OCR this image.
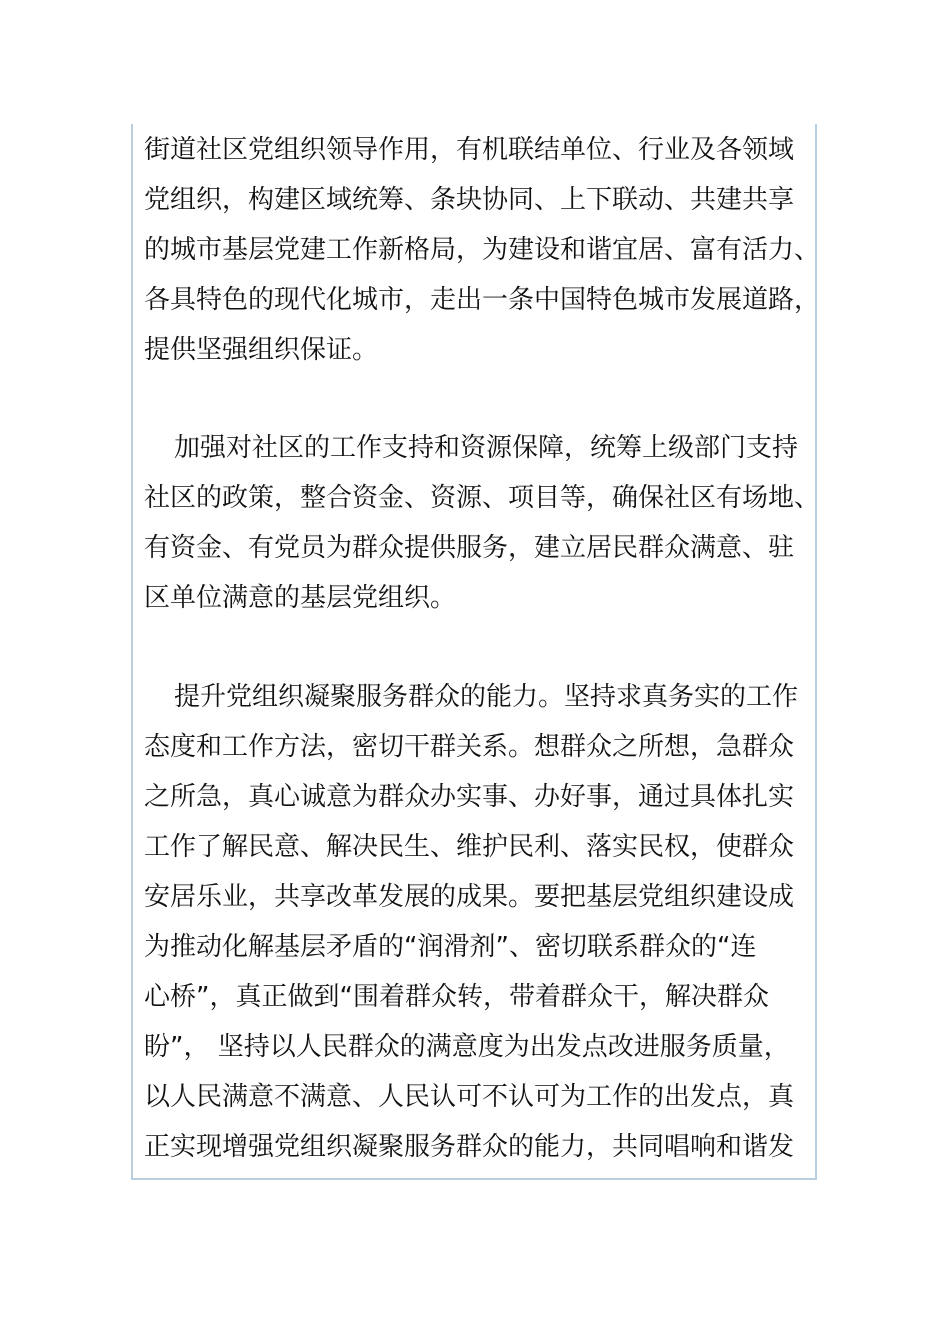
街道社区党组织领导作用，有机联结单位、行业及各领域
党组织，构建区域统筹、条块协同、上下联动、共建共享
的城市基层党建工作新格局，为建设和谐宜居、富有活力、
各具特色的现代化城市，走出一条中国特色城市发展道路，
提供坚强组织保证。
加强对社区的工作支持和资源保障，统筹上级部门支持
社区的政策，整合资金、资源、项目等，确保社区有场地、
有资金、有党员为群众提供服务，建立居民群众满意、驻
区单位满意的基层党组织。
提升党组织凝聚服务群众的能力。坚持求真务实的工作
态度和工作方法，密切干群关系。想群众之所想，急群众
之所急，真心诚意为群众办实事、办好事，通过具体扎实
工作了解民意、解决民生、维护民利、落实民权，使群众
安居乐业，共享改革发展的成果。要把基层党组织建设成
为推动化解基层矛盾的“润滑剂”、密切联系群众的“连
心桥”，真正做到“围着群众转，带着群众干，解决群众
盼”， 坚持以人民群众的满意度为出发点改进服务质量，
以人民满意不满意、人民认可不认可为工作的出发点，真
正实现增强党组织凝聚服务群众的能力，共同唱响和谐发
